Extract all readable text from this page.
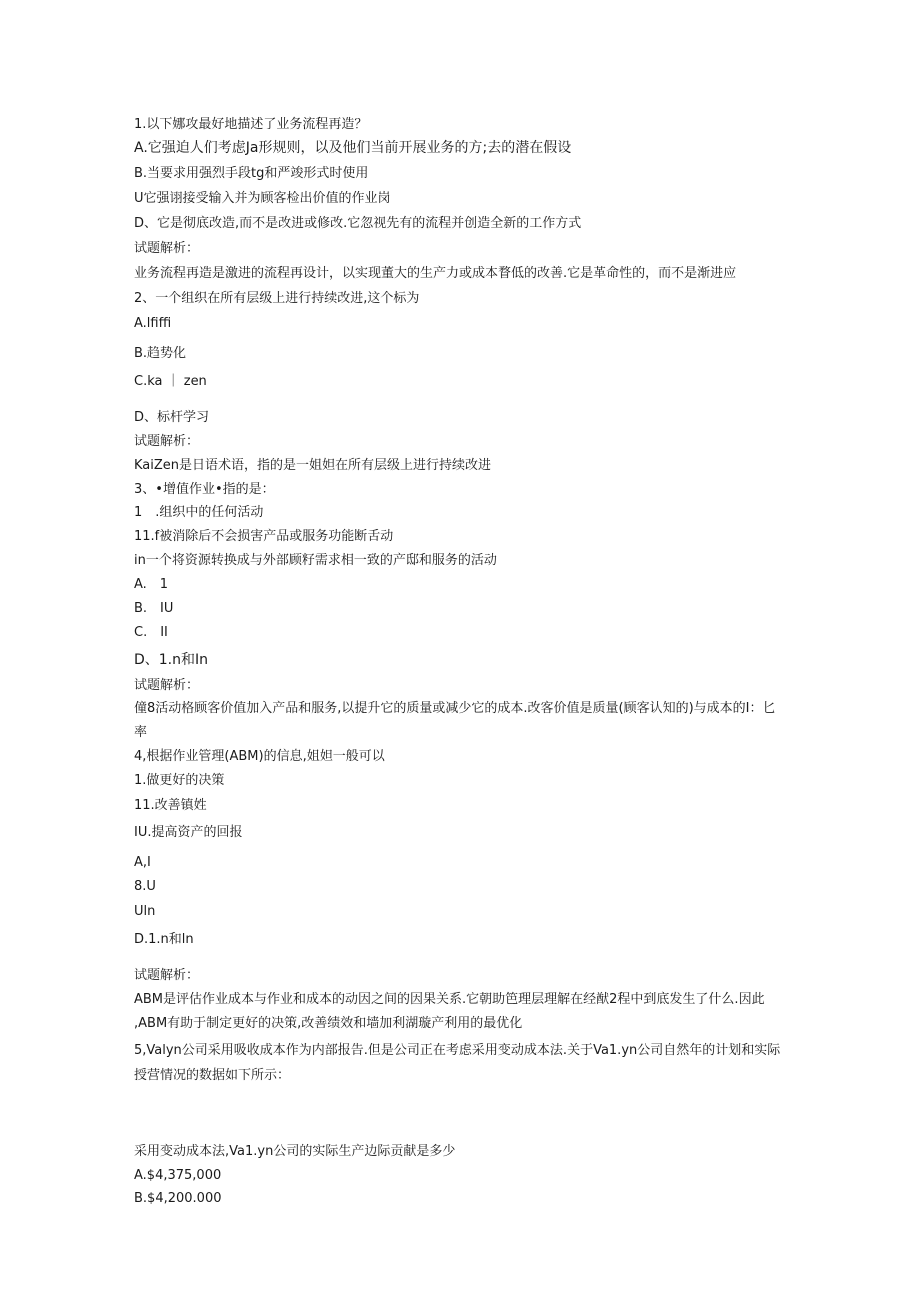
1.以下娜攻最好地描述了业务流程再造？
A.它强迫人们考虑Ja形规则，以及他们当前开展业务的方;去的潜在假设
B.当要求用强烈手段tg和严竣形式时使用
U它强诩接受输入并为顾客检出价值的作业岗
D、它是彻底改造,而不是改进或修改.它忽视先有的流程并创造全新的工作方式
试题解析：
业务流程再造是激进的流程再设计，以实现董大的生产力或成本瞀低的改善.它是革命性的，而不是渐进应
2、一个组织在所有层级上进行持续改进,这个标为
A.lfiffi
B.趋势化
C.ka ｜ zen
D、标杆学习
试题解析：
KaiZen是日语术语，指的是一姐妲在所有层级上进行持续改进
3、•增值作业•指的是：
1　.组织中的任何活动
11.f被消除后不会损害产品或服务功能断舌动
in一个将资源转换成与外部顾籽需求相一致的产邸和服务的活动
A.　1
B.　IU
C.　II
D、1.n和In
试题解析：
僮8活动格顾客价值加入产品和服务,以提升它的质量或减少它的成本.改客价值是质量(顾客认知的)与成本的I：匕
率
4,根据作业管理(ABM)的信息,姐妲一般可以
1.做更好的决策
11.改善镇姓
IU.提高资产的回报
A,I
8.U
Uln
D.1.n和ln
试题解析：
ABM是评估作业成本与作业和成本的动因之间的因果关系.它朝助笆理层理解在经猷2程中到底发生了什么.因此
,ABM有助于制定更好的决策,改善绩效和墙加利湖璇产利用的最优化
5,Valyn公司采用吸收成本作为内部报告.但是公司正在考虑采用变动成本法.关于Va1.yn公司自然年的计划和实际
授营情况的数据如下所示：
采用变动成本法,Va1.yn公司的实际生产边际贡献是多少
A.$4,375,000
B.$4,200.000
